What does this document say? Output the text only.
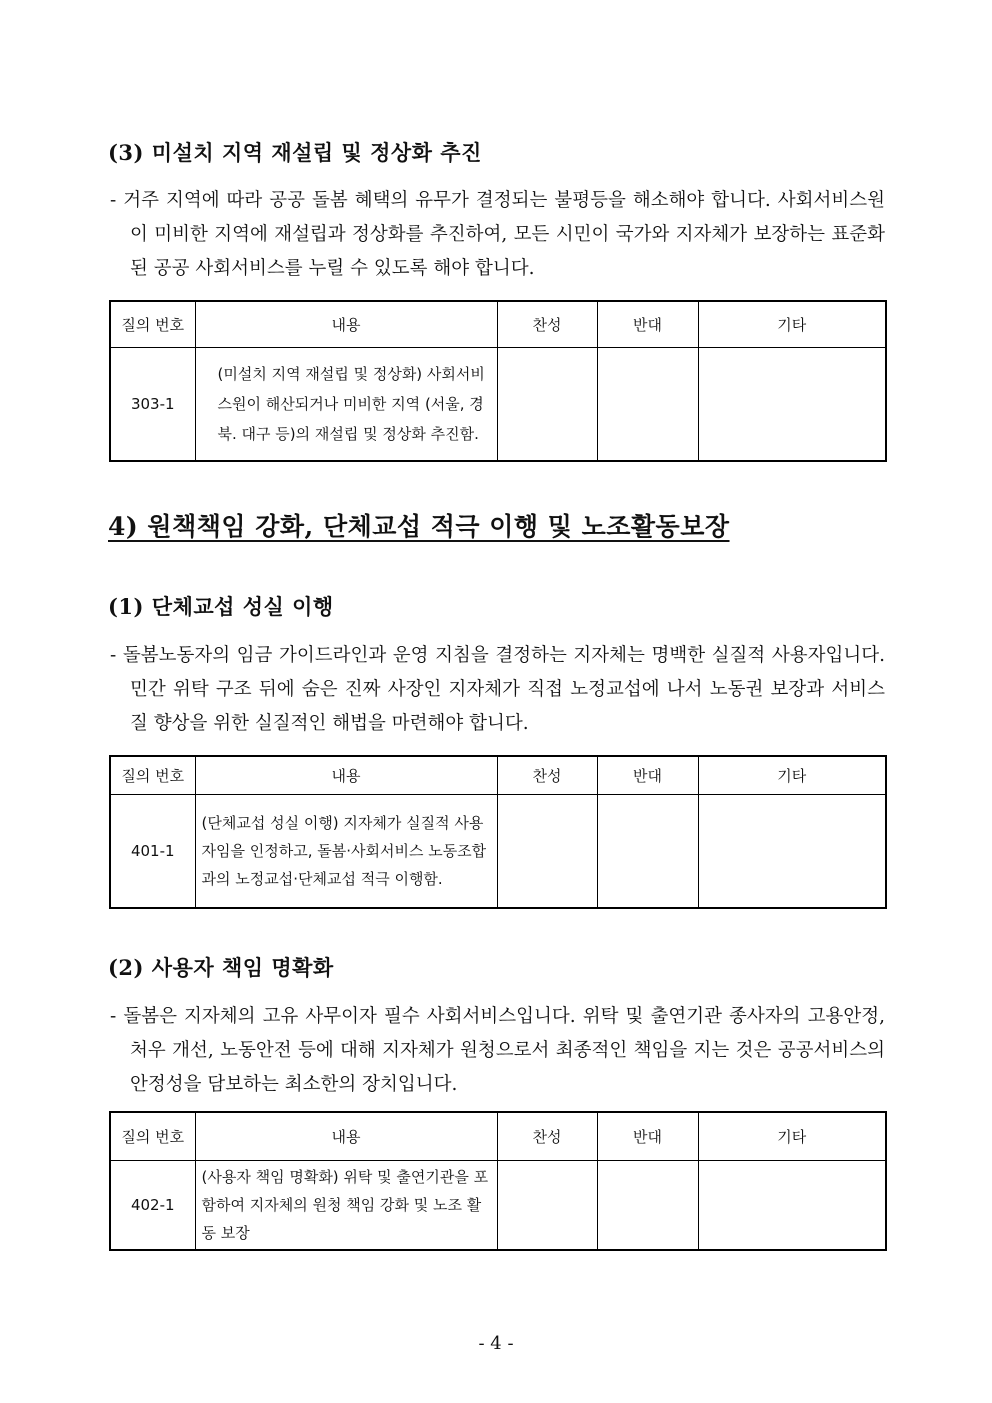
(3) 미설치 지역 재설립 및 정상화 추진

- 거주 지역에 따라 공공 돌봄 혜택의 유무가 결정되는 불평등을 해소해야 합니다. 사회서비스원이 미비한 지역에 재설립과 정상화를 추진하여, 모든 시민이 국가와 지자체가 보장하는 표준화된 공공 사회서비스를 누릴 수 있도록 해야 합니다.

질의 번호	내용	찬성	반대	기타
303-1	(미설치 지역 재설립 및 정상화) 사회서비스원이 해산되거나 미비한 지역 (서울, 경북. 대구 등)의 재설립 및 정상화 추진함.			
4) 원책책임 강화, 단체교섭 적극 이행 및 노조활동보장
(1) 단체교섭 성실 이행

- 돌봄노동자의 임금 가이드라인과 운영 지침을 결정하는 지자체는 명백한 실질적 사용자입니다. 민간 위탁 구조 뒤에 숨은 진짜 사장인 지자체가 직접 노정교섭에 나서 노동권 보장과 서비스 질 향상을 위한 실질적인 해법을 마련해야 합니다.

질의 번호	내용	찬성	반대	기타
401-1	(단체교섭 성실 이행) 지자체가 실질적 사용자임을 인정하고, 돌봄·사회서비스 노동조합과의 노정교섭·단체교섭 적극 이행함.			
(2) 사용자 책임 명확화

- 돌봄은 지자체의 고유 사무이자 필수 사회서비스입니다. 위탁 및 출연기관 종사자의 고용안정, 처우 개선, 노동안전 등에 대해 지자체가 원청으로서 최종적인 책임을 지는 것은 공공서비스의 안정성을 담보하는 최소한의 장치입니다.

질의 번호	내용	찬성	반대	기타
402-1	(사용자 책임 명확화) 위탁 및 출연기관을 포함하여 지자체의 원청 책임 강화 및 노조 활동 보장			
- 4 -
